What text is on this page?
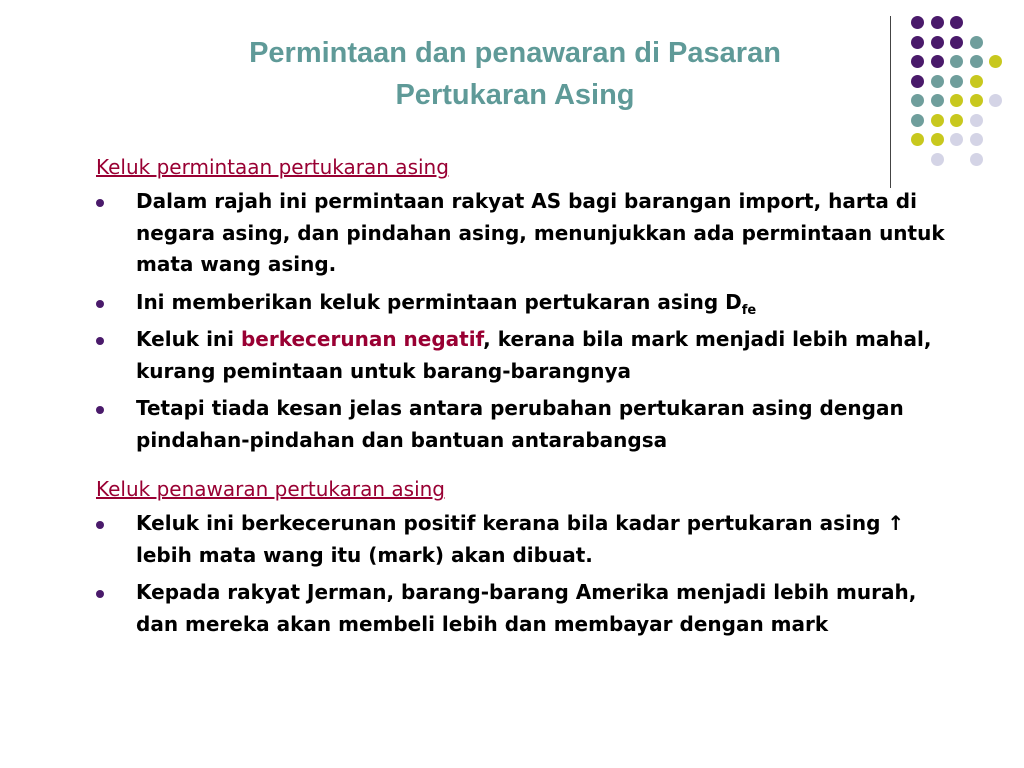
Permintaan dan penawaran di Pasaran
Pertukaran Asing

Keluk permintaan pertukaran asing

Dalam rajah ini permintaan rakyat AS bagi barangan import, harta di negara asing, dan pindahan asing, menunjukkan ada permintaan untuk mata wang asing.
Ini memberikan keluk permintaan pertukaran asing $D_{fe}$
Keluk ini berkecerunan negatif, kerana bila mark menjadi lebih mahal, kurang pemintaan untuk barang-barangnya
Tetapi tiada kesan jelas antara perubahan pertukaran asing dengan pindahan-pindahan dan bantuan antarabangsa

Keluk penawaran pertukaran asing

Keluk ini berkecerunan positif kerana bila kadar pertukaran asing ↑ lebih mata wang itu (mark) akan dibuat.
Kepada rakyat Jerman, barang-barang Amerika menjadi lebih murah, dan mereka akan membeli lebih dan membayar dengan mark
